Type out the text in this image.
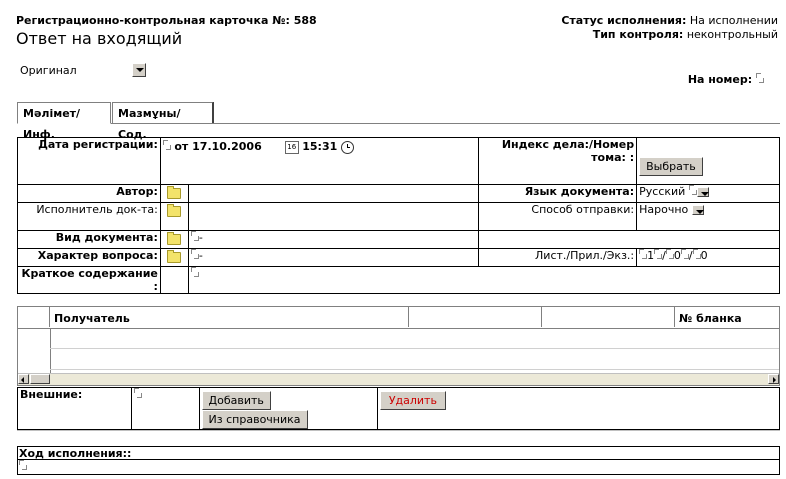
Регистрационно-контрольная карточка №: 588
Ответ на входящий
Статус исполнения: На исполнении
Тип контроля: неконтрольный
Оригинал
На номер:
Мәлімет/Инф.
Мазмұны/Сод.
Дата регистрации:	от 17.10.2006 16 15:31		Индекс дела:/Номер тома: :	Выбрать
Автор:			Язык документа:	Русский
Исполнитель док-та:			Способ отправки:	Нарочно
Вид документа:		-		
Характер вопроса:		-	Лист./Прил./Экз.:	1 / 0 / 0
Краткое содержание :				
Получатель	№ бланка
Внешние:		Добавить  Из справочника	Удалить
Ход исполнения::
